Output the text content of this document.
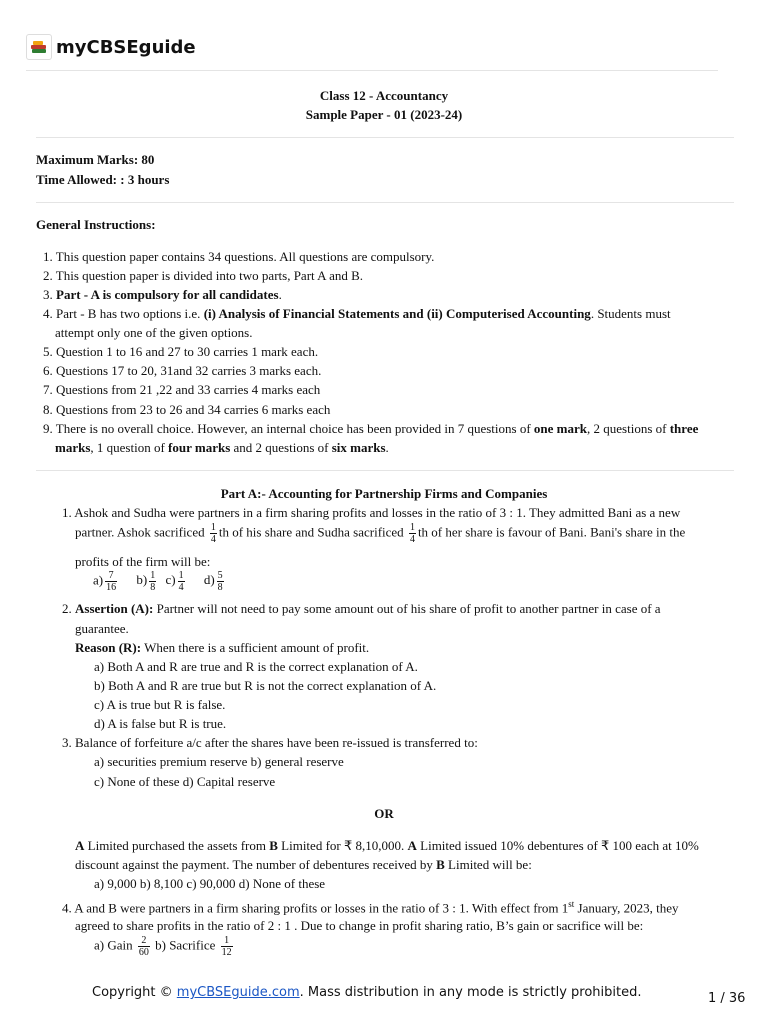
myCBSEguide
Class 12 - Accountancy
Sample Paper - 01 (2023-24)
Maximum Marks: 80
Time Allowed: : 3 hours
General Instructions:
1. This question paper contains 34 questions. All questions are compulsory.
2. This question paper is divided into two parts, Part A and B.
3. Part - A is compulsory for all candidates.
4. Part - B has two options i.e. (i) Analysis of Financial Statements and (ii) Computerised Accounting. Students must
attempt only one of the given options.
5. Question 1 to 16 and 27 to 30 carries 1 mark each.
6. Questions 17 to 20, 31and 32 carries 3 marks each.
7. Questions from 21 ,22 and 33 carries 4 marks each
8. Questions from 23 to 26 and 34 carries 6 marks each
9. There is no overall choice. However, an internal choice has been provided in 7 questions of one mark, 2 questions of three
marks, 1 question of four marks and 2 questions of six marks.
Part A:- Accounting for Partnership Firms and Companies
1. Ashok and Sudha were partners in a firm sharing profits and losses in the ratio of 3 : 1. They admitted Bani as a new
partner. Ashok sacrificed $\frac{1}{4}$ th of his share and Sudha sacrificed $\frac{1}{4}$ th of her share is favour of Bani. Bani's share in the
profits of the firm will be:
$a) \frac{7}{16} b) \frac{1}{8} c) \frac{1}{4} d) \frac{5}{8}$
2. Assertion (A): Partner will not need to pay some amount out of his share of profit to another partner in case of a
guarantee.
Reason (R): When there is a sufficient amount of profit.
a) Both A and R are true and R is the correct explanation of A.
b) Both A and R are true but R is not the correct explanation of A.
c) A is true but R is false.
d) A is false but R is true.
3. Balance of forfeiture a/c after the shares have been re-issued is transferred to:
a) securities premium reserve b) general reserve
c) None of these d) Capital reserve
OR
A Limited purchased the assets from B Limited for ₹ 8,10,000. A Limited issued 10% debentures of ₹ 100 each at 10%
discount against the payment. The number of debentures received by B Limited will be:
a) 9,000 b) 8,100 c) 90,000 d) None of these
4. A and B were partners in a firm sharing profits or losses in the ratio of 3 : 1. With effect from 1st January, 2023, they
agreed to share profits in the ratio of 2 : 1 . Due to change in profit sharing ratio, B’s gain or sacrifice will be:
a) Gain $\frac{2}{60} b$) Sacrifice $\frac{1}{12}$
Copyright © myCBSEguide.com. Mass distribution in any mode is strictly prohibited.	1 / 36
